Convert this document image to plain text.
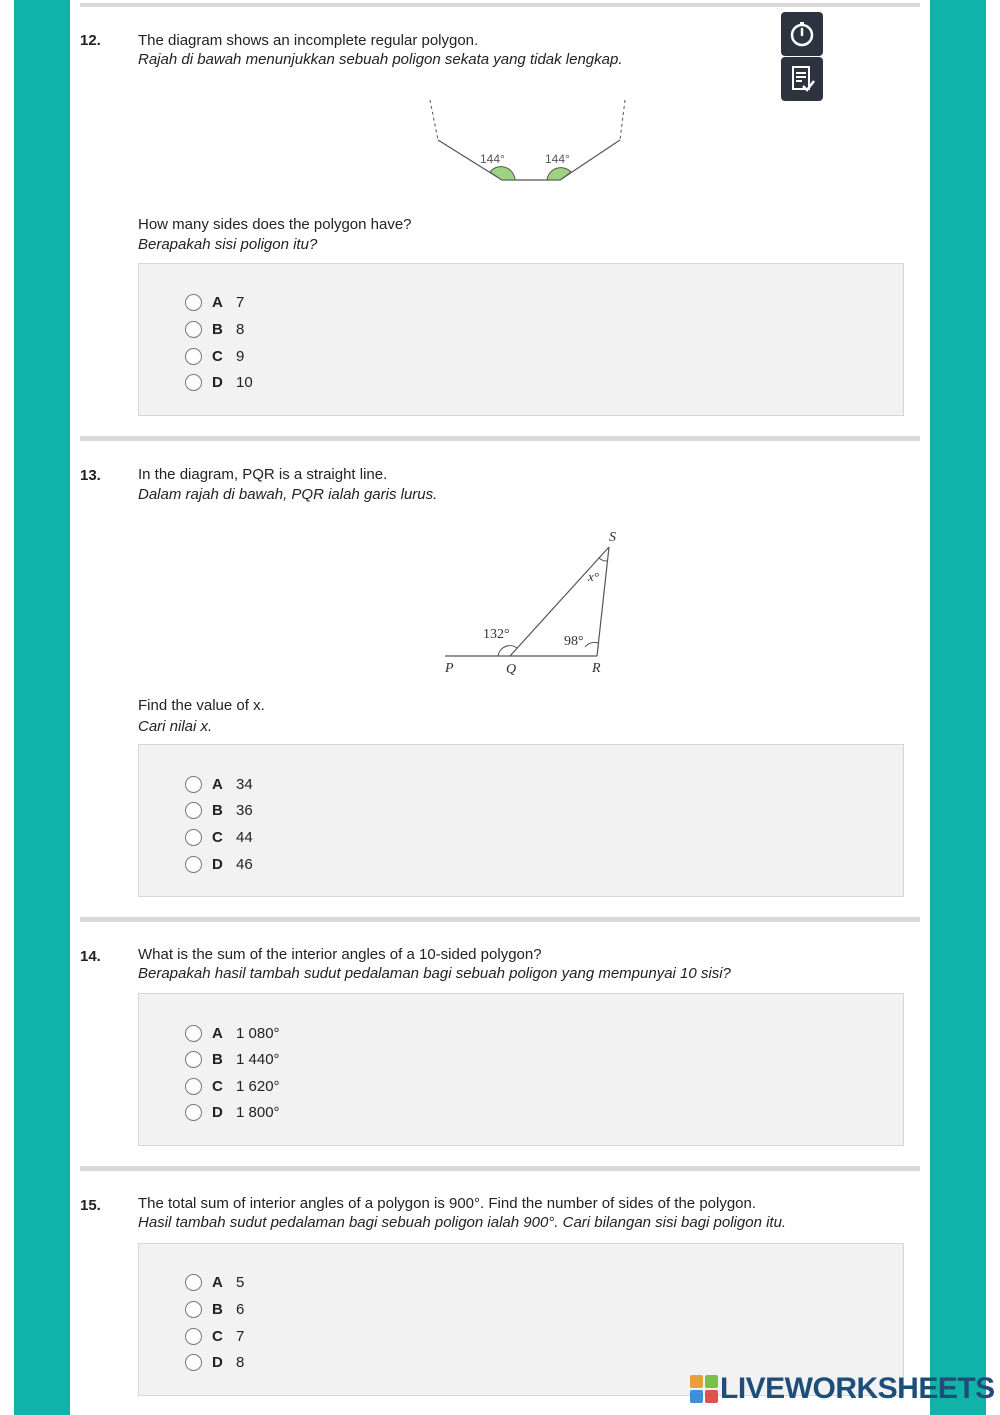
12. The diagram shows an incomplete regular polygon.
Rajah di bawah menunjukkan sebuah poligon sekata yang tidak lengkap.
144°	144°
How many sides does the polygon have?
Berapakah sisi poligon itu?
A 7
B 8
C 9
D 10
13. In the diagram, PQR is a straight line.
Dalam rajah di bawah, PQR ialah garis lurus.
S
x°
132°	98°
P	Q	R
Find the value of x.
Cari nilai x.
A 34
B 36
C 44
D 46
14. What is the sum of the interior angles of a 10-sided polygon?
Berapakah hasil tambah sudut pedalaman bagi sebuah poligon yang mempunyai 10 sisi?
A 1 080°
B 1 440°
C 1 620°
D 1 800°
15. The total sum of interior angles of a polygon is 900°. Find the number of sides of the polygon.
Hasil tambah sudut pedalaman bagi sebuah poligon ialah 900°. Cari bilangan sisi bagi poligon itu.
A 5
B 6
C 7
D 8
LIVEWORKSHEETS
